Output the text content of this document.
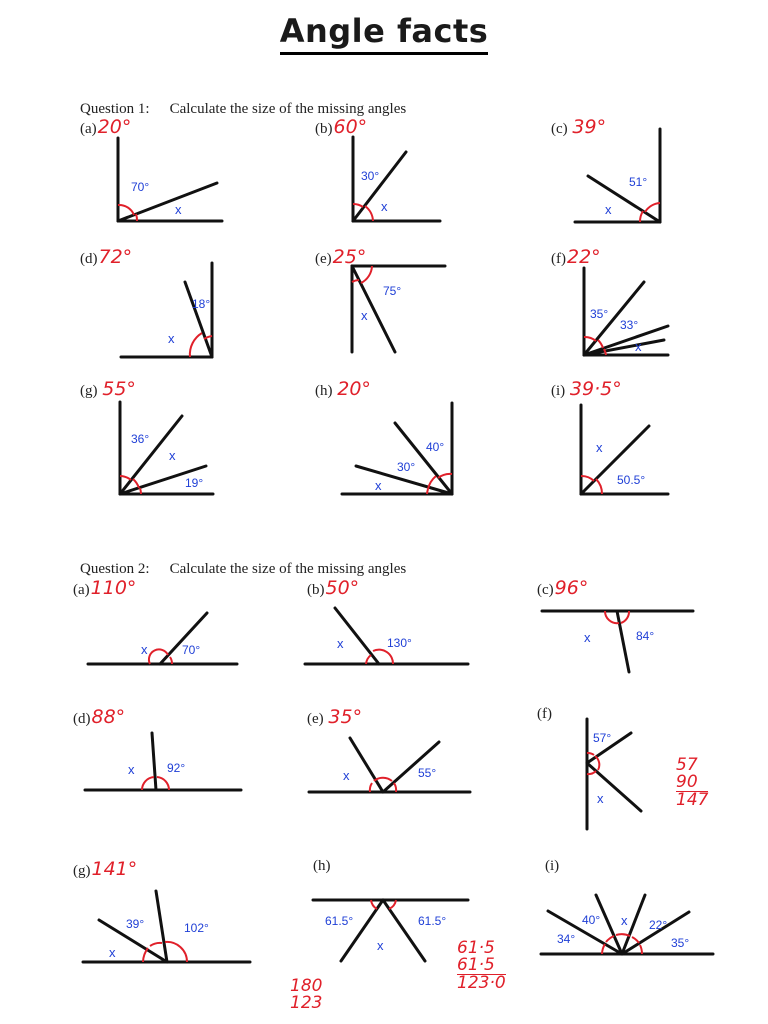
Angle facts
Question 1: Calculate the size of the missing angles
(a)20°	(b)60°	(c) 39°
(d)72°	(e)25°	(f)22°
(g) 55°	(h) 20°	(i) 39·5°
Question 2: Calculate the size of the missing angles
(a)110°	(b)50°	(c)96°
(d)88°	(e) 35°	(f)
(g)141°	(h)	(i)
57
90
147
61·5
61·5
123·0
180
123
70°
x
30°
x
51°
x
18°
x
75°
x	35°
33°
x
36°
19°
x
40°
30°
x	50.5°
x
70°
x	130°
x	84°
x
92°
x	55°
x
57°
x
39°	102°
x
61.5°	61.5°
x
40°	22°
34°	35°
x
